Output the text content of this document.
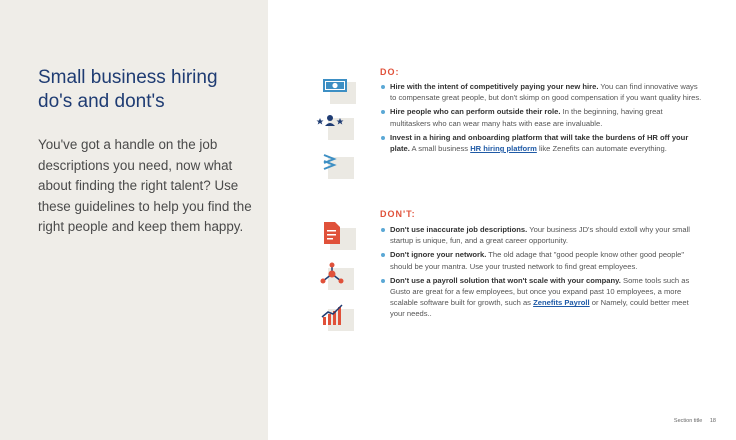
Small business hiring do's and dont's

You've got a handle on the job descriptions you need, now what about finding the right talent? Use these guidelines to help you find the right people and keep them happy.

DO:
Hire with the intent of competitively paying your new hire. You can find innovative ways to compensate great people, but don't skimp on good compensation if you want quality hires.
Hire people who can perform outside their role. In the beginning, having great multitaskers who can wear many hats with ease are invaluable.
Invest in a hiring and onboarding platform that will take the burdens of HR off your plate. A small business HR hiring platform like Zenefits can automate everything.
DON'T:
Don't use inaccurate job descriptions. Your business JD's should extoll why your small startup is unique, fun, and a great career opportunity.
Don't ignore your network. The old adage that "good people know other good people" should be your mantra. Use your trusted network to find great employees.
Don't use a payroll solution that won't scale with your company. Some tools such as Gusto are great for a few employees, but once you expand past 10 employees, a more scalable software built for growth, such as Zenefits Payroll or Namely, could better meet your needs..
Section title 18
